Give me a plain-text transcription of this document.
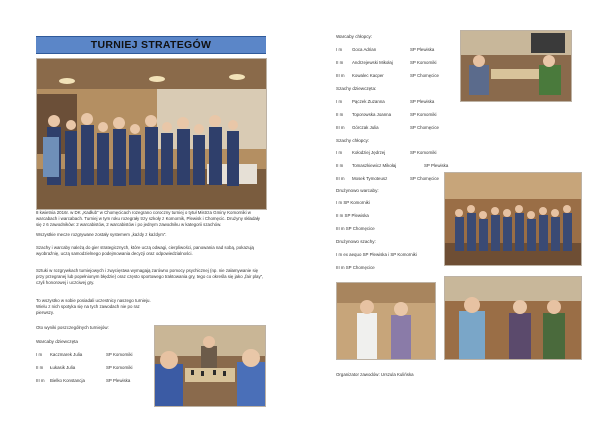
TURNIEJ STRATEGÓW

8 kwietnia 2016r. w DK „Kadłub” w Chomęcicach rozegrano coroczny turniej o tytuł Mistrza Gminy Komorniki w warcabach i warcabach. Turniej w tym roku rozegrały trzy szkoły z Komornik, Plewisk i Chomęcic. Drużyny składały się z 6 zawodników: 2 warcabistów, 2 warcabistów i po jednym zawodniku w kategorii szachów.

Wszystkie mecze rozgrywane zostały systemem „każdy z każdym”.

Szachy i warcaby należą do gier strategicznych, które uczą odwagi, cierpliwości, panowania nad sobą, pokazują wyobraźnię, uczą samodzielnego podejmowania decyzji oraz odpowiedzialności.

Sztuki w rozgrywkach turniejowych i zwycięstwa wymagają zarówno pomocy psychicznej (np. nie załamywanie się przy przegranej lub popełnionym błędzie) oraz często sportowego traktowania gry, tego co określa się jako „fair play”, czyli honorowej i uczciwej gry.

To wszystko w sobie posiadali uczestnicy naszego turnieju. Wielu z nich spotyka się na tych zawodach nie po raz pierwszy.

Oto wyniki poszczególnych turniejów:

Warcaby dziewczęta
I m Kaczmarek Julia	SP Komorniki
II m Łukasik Julia	SP Komorniki
III m Bielko Konstancja	SP Plewiska
Warcaby chłopcy:
I m Goca Adrian	SP Plewiska
II m Andrzejewski Mikołaj	SP Komorniki
III m Kowalec Kacper	SP Chomęcice
Szachy dziewczęta:
I m Pączek Zuzanna	SP Plewiska
II m Toporowska Joanna	SP Komorniki
III m Górczak Julia	SP Chomęcice
Szachy chłopcy:
I m Kołodziej Jędrzej	SP Komorniki
II m Tomaszkiewicz Mikołaj	SP Plewiska
III m Mosek Tymoteusz	SP Chomęcice
Drużynowo warcaby:
I m SP Komorniki
II m SP Plewiska
III m SP Chomęcice
Drużynowo szachy:
I m ex aequo SP Plewiska i SP Komorniki
III m SP Chomęcice
Organizator zawodów: Urszula Kulińska
